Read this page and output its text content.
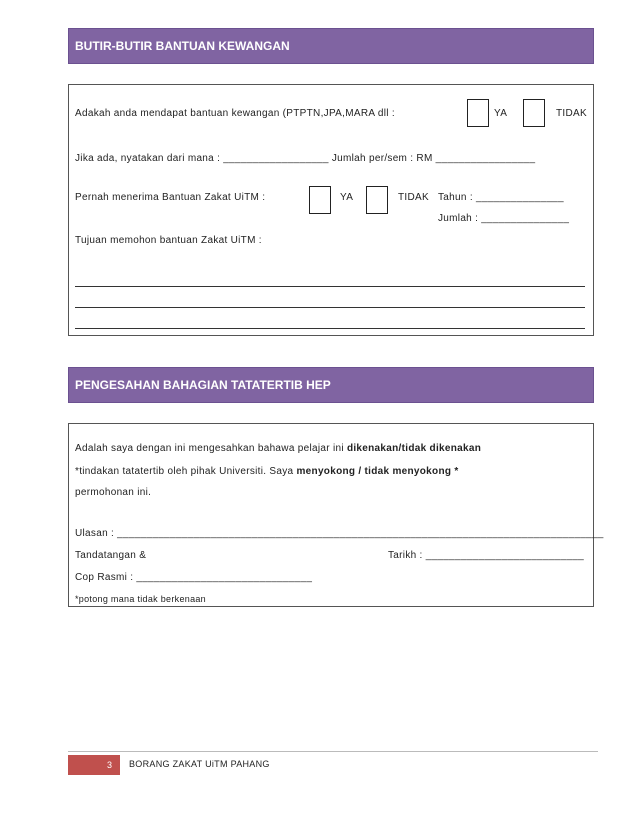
BUTIR-BUTIR BANTUAN KEWANGAN
Adakah anda mendapat bantuan kewangan (PTPTN,JPA,MARA dll :	YA	TIDAK
Jika ada, nyatakan dari mana : __________________ Jumlah per/sem : RM _________________
Pernah menerima Bantuan Zakat UiTM :	YA	TIDAK Tahun : _______________
Jumlah : _______________
Tujuan memohon bantuan Zakat UiTM :
PENGESAHAN BAHAGIAN TATATERTIB HEP
Adalah saya dengan ini mengesahkan bahawa pelajar ini dikenakan/tidak dikenakan
*tindakan tatatertib oleh pihak Universiti. Saya menyokong / tidak menyokong *
permohonan ini.
Ulasan : ___________________________________________________________________________________
Tandatangan &	Tarikh : ___________________________
Cop Rasmi : ______________________________
*potong mana tidak berkenaan
3 BORANG ZAKAT UiTM PAHANG
